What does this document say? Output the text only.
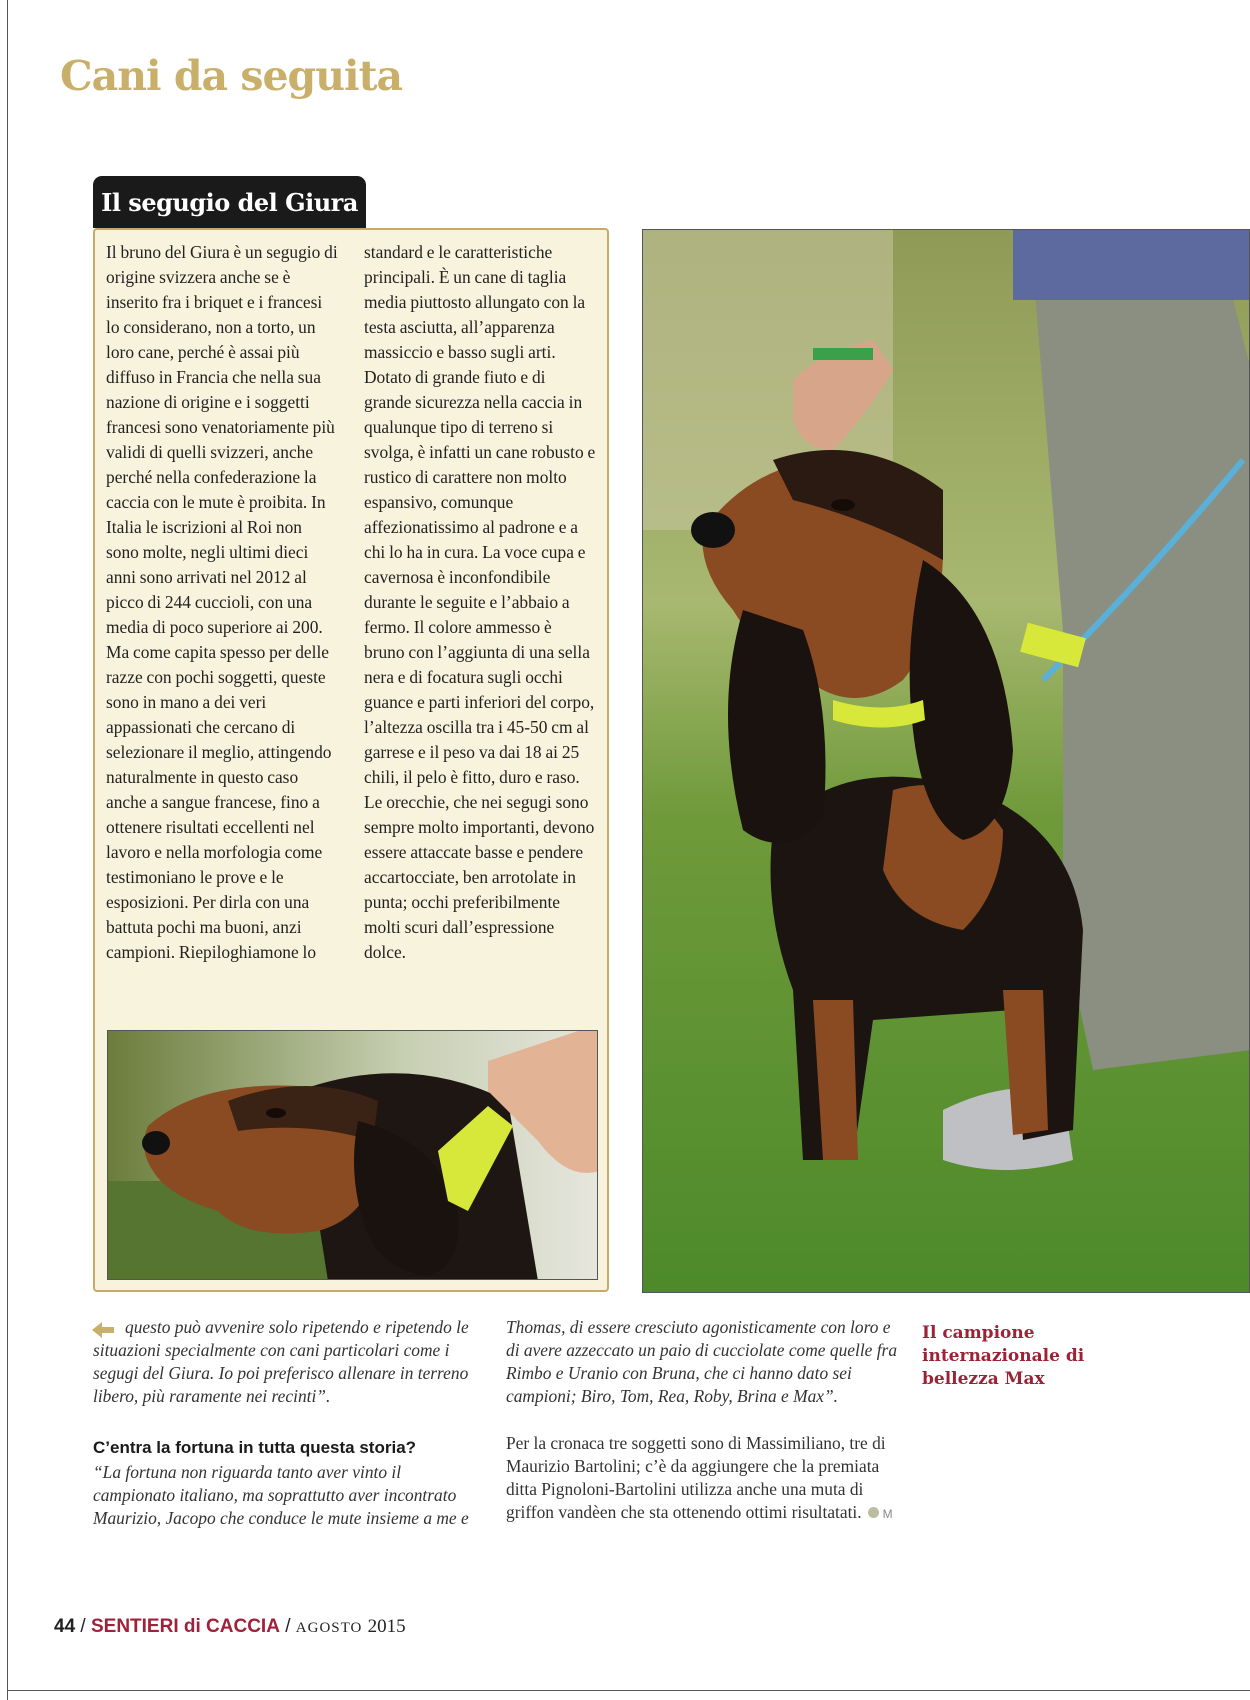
Cani da seguita
Il segugio del Giura

Il bruno del Giura è un segugio di origine svizzera anche se è inserito fra i briquet e i francesi lo considerano, non a torto, un loro cane, perché è assai più diffuso in Francia che nella sua nazione di origine e i soggetti francesi sono venatoriamente più validi di quelli svizzeri, anche perché nella confederazione la caccia con le mute è proibita. In Italia le iscrizioni al Roi non sono molte, negli ultimi dieci anni sono arrivati nel 2012 al picco di 244 cuccioli, con una media di poco superiore ai 200. Ma come capita spesso per delle razze con pochi soggetti, queste sono in mano a dei veri appassionati che cercano di selezionare il meglio, attingendo naturalmente in questo caso anche a sangue francese, fino a ottenere risultati eccellenti nel lavoro e nella morfologia come testimoniano le prove e le esposizioni. Per dirla con una battuta pochi ma buoni, anzi campioni. Riepiloghiamone lo

standard e le caratteristiche principali. È un cane di taglia media piuttosto allungato con la testa asciutta, all’apparenza massiccio e basso sugli arti. Dotato di grande fiuto e di grande sicurezza nella caccia in qualunque tipo di terreno si svolga, è infatti un cane robusto e rustico di carattere non molto espansivo, comunque affezionatissimo al padrone e a chi lo ha in cura. La voce cupa e cavernosa è inconfondibile durante le seguite e l’abbaio a fermo. Il colore ammesso è bruno con l’aggiunta di una sella nera e di focatura sugli occhi guance e parti inferiori del corpo, l’altezza oscilla tra i 45-50 cm al garrese e il peso va dai 18 ai 25 chili, il pelo è fitto, duro e raso. Le orecchie, che nei segugi sono sempre molto importanti, devono essere attaccate basse e pendere accartocciate, ben arrotolate in punta; occhi preferibilmente molti scuri dall’espressione dolce.

questo può avvenire solo ripetendo e ripetendo le situazioni specialmente con cani particolari come i segugi del Giura. Io poi preferisco allenare in terreno libero, più raramente nei recinti”.

C’entra la fortuna in tutta questa storia?

“La fortuna non riguarda tanto aver vinto il campionato italiano, ma soprattutto aver incontrato Maurizio, Jacopo che conduce le mute insieme a me e

Thomas, di essere cresciuto agonisticamente con loro e di avere azzeccato un paio di cucciolate come quelle fra Rimbo e Uranio con Bruna, che ci hanno dato sei campioni; Biro, Tom, Rea, Roby, Brina e Max”.

Per la cronaca tre soggetti sono di Massimiliano, tre di Maurizio Bartolini; c’è da aggiungere che la premiata ditta Pignoloni-Bartolini utilizza anche una muta di griffon vandèen che sta ottenendo ottimi risultatati. M

Il campione internazionale di bellezza Max

44 / SENTIERI di CACCIA / AGOSTO 2015
